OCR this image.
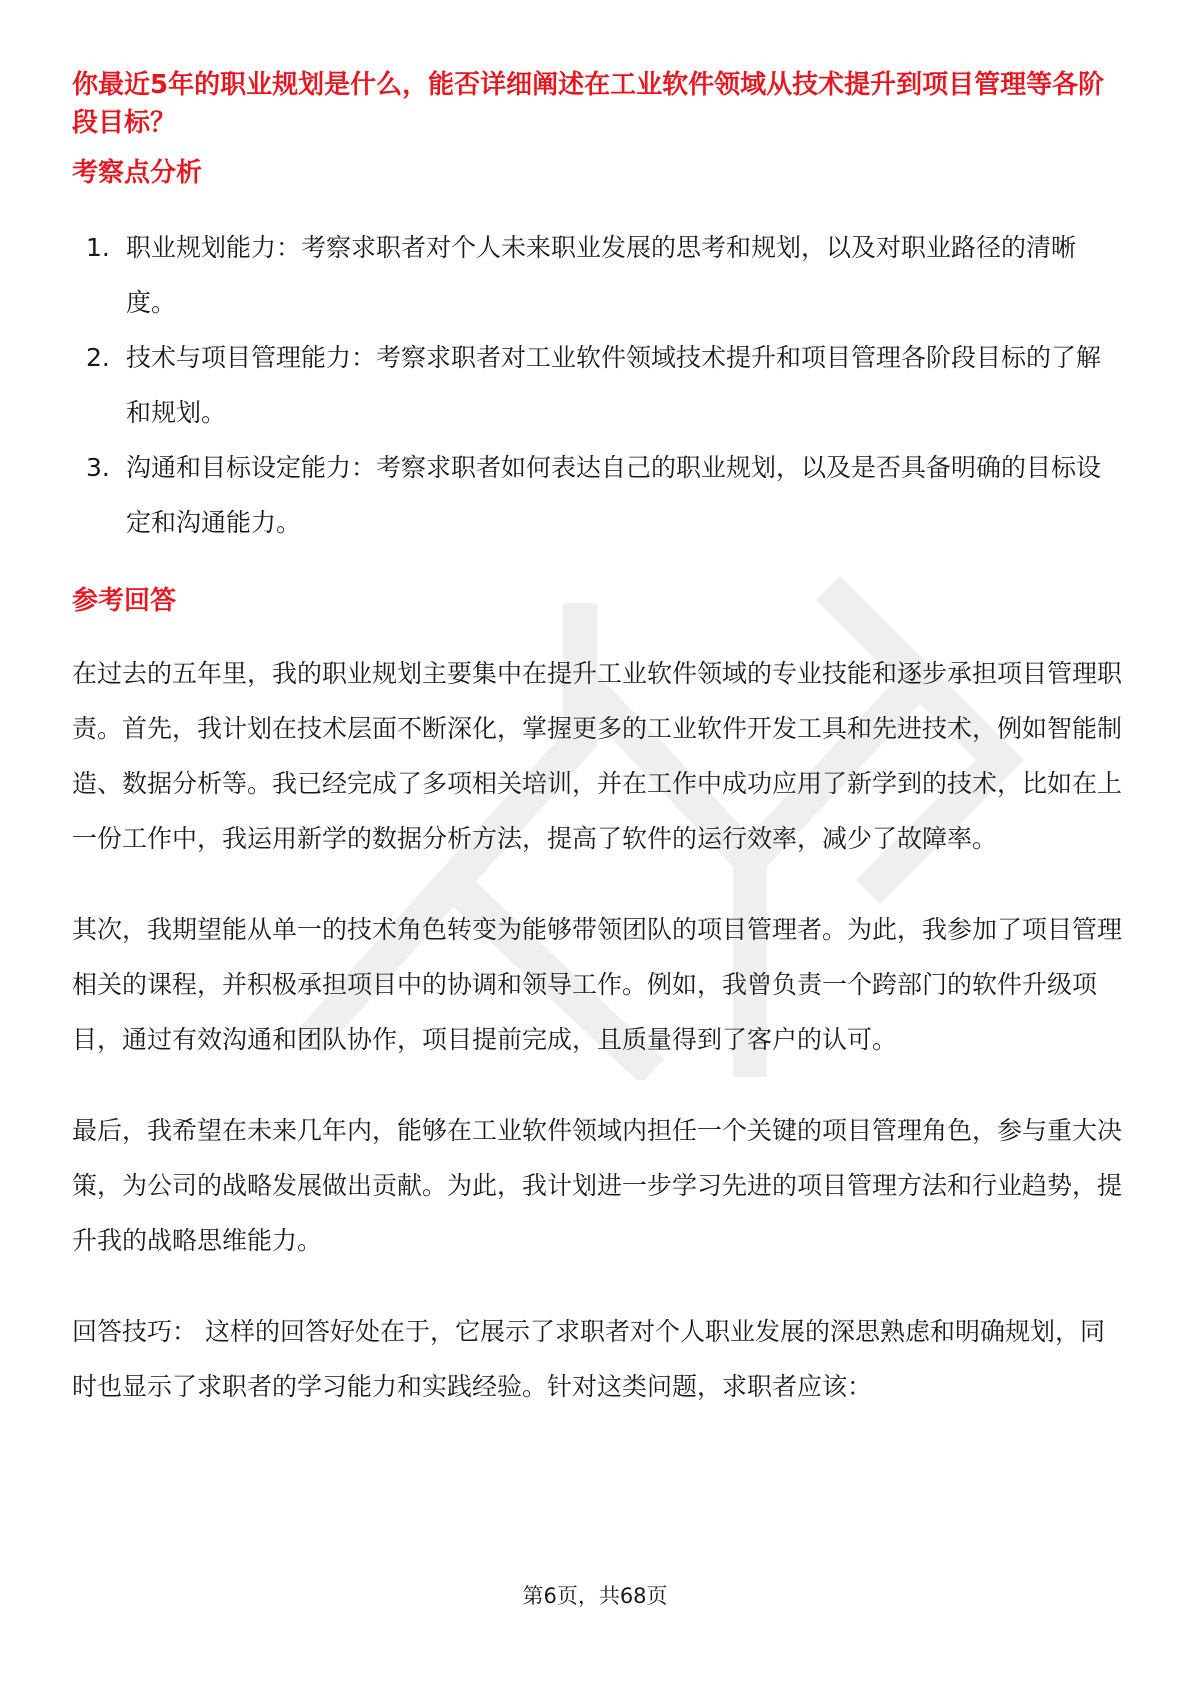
你最近5年的职业规划是什么，能否详细阐述在工业软件领域从技术提升到项目管理等各阶段目标？
考察点分析
1. 职业规划能力：考察求职者对个人未来职业发展的思考和规划，以及对职业路径的清晰度。
2. 技术与项目管理能力：考察求职者对工业软件领域技术提升和项目管理各阶段目标的了解和规划。
3. 沟通和目标设定能力：考察求职者如何表达自己的职业规划，以及是否具备明确的目标设定和沟通能力。
参考回答

在过去的五年里，我的职业规划主要集中在提升工业软件领域的专业技能和逐步承担项目管理职责。首先，我计划在技术层面不断深化，掌握更多的工业软件开发工具和先进技术，例如智能制造、数据分析等。我已经完成了多项相关培训，并在工作中成功应用了新学到的技术，比如在上一份工作中，我运用新学的数据分析方法，提高了软件的运行效率，减少了故障率。

其次，我期望能从单一的技术角色转变为能够带领团队的项目管理者。为此，我参加了项目管理相关的课程，并积极承担项目中的协调和领导工作。例如，我曾负责一个跨部门的软件升级项目，通过有效沟通和团队协作，项目提前完成，且质量得到了客户的认可。

最后，我希望在未来几年内，能够在工业软件领域内担任一个关键的项目管理角色，参与重大决策，为公司的战略发展做出贡献。为此，我计划进一步学习先进的项目管理方法和行业趋势，提升我的战略思维能力。

回答技巧： 这样的回答好处在于，它展示了求职者对个人职业发展的深思熟虑和明确规划，同时也显示了求职者的学习能力和实践经验。针对这类问题，求职者应该：

第6页，共68页
